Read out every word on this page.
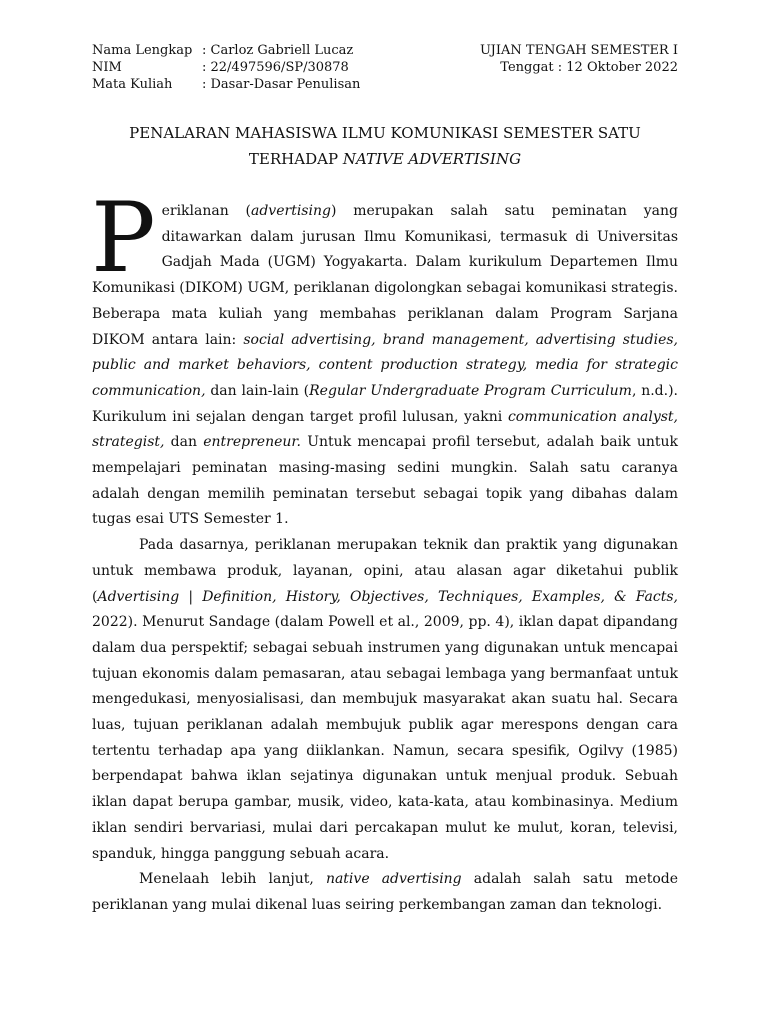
Nama Lengkap : Carloz Gabriell Lucaz
NIM	: 22/497596/SP/30878
Mata Kuliah : Dasar-Dasar Penulisan
UJIAN TENGAH SEMESTER I
Tenggat : 12 Oktober 2022
PENALARAN MAHASISWA ILMU KOMUNIKASI SEMESTER SATU
TERHADAP NATIVE ADVERTISING

Periklanan (advertising) merupakan salah satu peminatan yang ditawarkan dalam jurusan Ilmu Komunikasi, termasuk di Universitas Gadjah Mada (UGM) Yogyakarta. Dalam kurikulum Departemen Ilmu Komunikasi (DIKOM) UGM, periklanan digolongkan sebagai komunikasi strategis. Beberapa mata kuliah yang membahas periklanan dalam Program Sarjana DIKOM antara lain: social advertising, brand management, advertising studies, public and market behaviors, content production strategy, media for strategic communication, dan lain-lain (Regular Undergraduate Program Curriculum, n.d.). Kurikulum ini sejalan dengan target profil lulusan, yakni communication analyst, strategist, dan entrepreneur. Untuk mencapai profil tersebut, adalah baik untuk mempelajari peminatan masing-masing sedini mungkin. Salah satu caranya adalah dengan memilih peminatan tersebut sebagai topik yang dibahas dalam tugas esai UTS Semester 1.

Pada dasarnya, periklanan merupakan teknik dan praktik yang digunakan untuk membawa produk, layanan, opini, atau alasan agar diketahui publik (Advertising | Definition, History, Objectives, Techniques, Examples, & Facts, 2022). Menurut Sandage (dalam Powell et al., 2009, pp. 4), iklan dapat dipandang dalam dua perspektif; sebagai sebuah instrumen yang digunakan untuk mencapai tujuan ekonomis dalam pemasaran, atau sebagai lembaga yang bermanfaat untuk mengedukasi, menyosialisasi, dan membujuk masyarakat akan suatu hal. Secara luas, tujuan periklanan adalah membujuk publik agar merespons dengan cara tertentu terhadap apa yang diiklankan. Namun, secara spesifik, Ogilvy (1985) berpendapat bahwa iklan sejatinya digunakan untuk menjual produk. Sebuah iklan dapat berupa gambar, musik, video, kata-kata, atau kombinasinya. Medium iklan sendiri bervariasi, mulai dari percakapan mulut ke mulut, koran, televisi, spanduk, hingga panggung sebuah acara.

Menelaah lebih lanjut, native advertising adalah salah satu metode periklanan yang mulai dikenal luas seiring perkembangan zaman dan teknologi.
